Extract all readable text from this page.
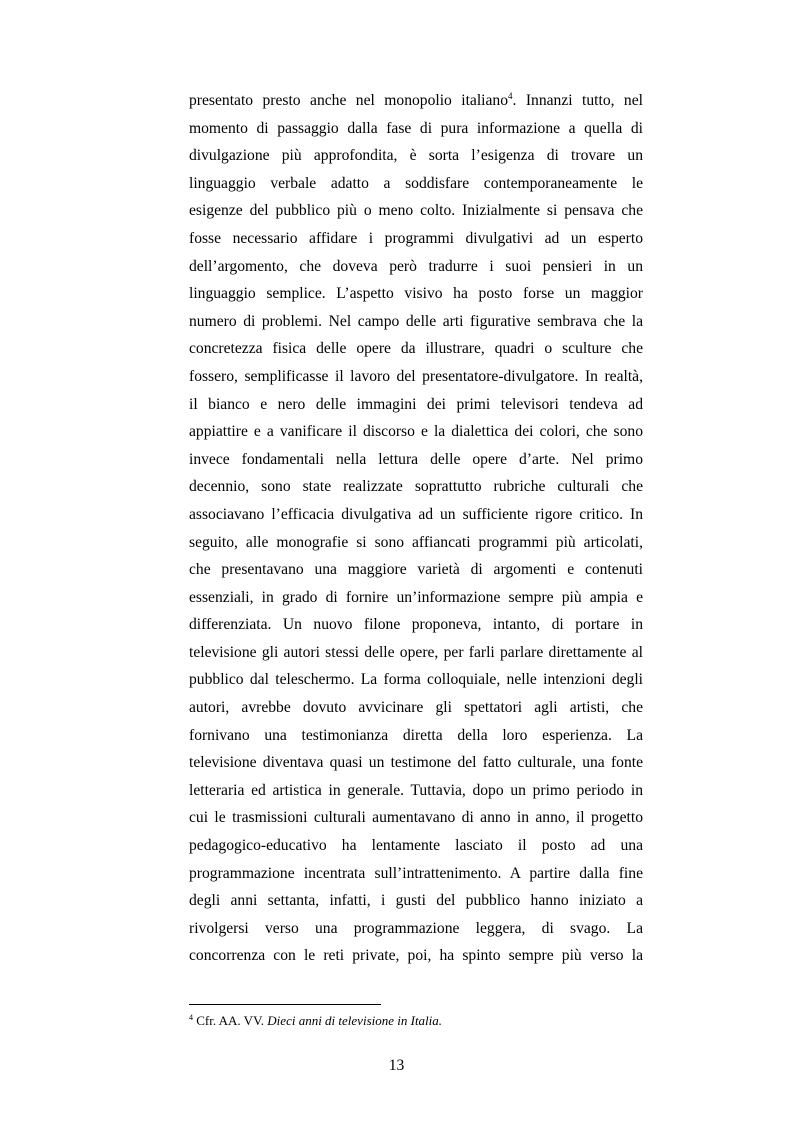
presentato presto anche nel monopolio italiano$^4$. Innanzi tutto, nel
momento di passaggio dalla fase di pura informazione a quella di
divulgazione più approfondita, è sorta l’esigenza di trovare un
linguaggio verbale adatto a soddisfare contemporaneamente le
esigenze del pubblico più o meno colto. Inizialmente si pensava che
fosse necessario affidare i programmi divulgativi ad un esperto
dell’argomento, che doveva però tradurre i suoi pensieri in un
linguaggio semplice. L’aspetto visivo ha posto forse un maggior
numero di problemi. Nel campo delle arti figurative sembrava che la
concretezza fisica delle opere da illustrare, quadri o sculture che
fossero, semplificasse il lavoro del presentatore-divulgatore. In realtà,
il bianco e nero delle immagini dei primi televisori tendeva ad
appiattire e a vanificare il discorso e la dialettica dei colori, che sono
invece fondamentali nella lettura delle opere d’arte. Nel primo
decennio, sono state realizzate soprattutto rubriche culturali che
associavano l’efficacia divulgativa ad un sufficiente rigore critico. In
seguito, alle monografie si sono affiancati programmi più articolati,
che presentavano una maggiore varietà di argomenti e contenuti
essenziali, in grado di fornire un’informazione sempre più ampia e
differenziata. Un nuovo filone proponeva, intanto, di portare in
televisione gli autori stessi delle opere, per farli parlare direttamente al
pubblico dal teleschermo. La forma colloquiale, nelle intenzioni degli
autori, avrebbe dovuto avvicinare gli spettatori agli artisti, che
fornivano una testimonianza diretta della loro esperienza. La
televisione diventava quasi un testimone del fatto culturale, una fonte
letteraria ed artistica in generale. Tuttavia, dopo un primo periodo in
cui le trasmissioni culturali aumentavano di anno in anno, il progetto
pedagogico-educativo ha lentamente lasciato il posto ad una
programmazione incentrata sull’intrattenimento. A partire dalla fine
degli anni settanta, infatti, i gusti del pubblico hanno iniziato a
rivolgersi verso una programmazione leggera, di svago. La
concorrenza con le reti private, poi, ha spinto sempre più verso la
$^4$ Cfr. AA. VV. Dieci anni di televisione in Italia.
13
